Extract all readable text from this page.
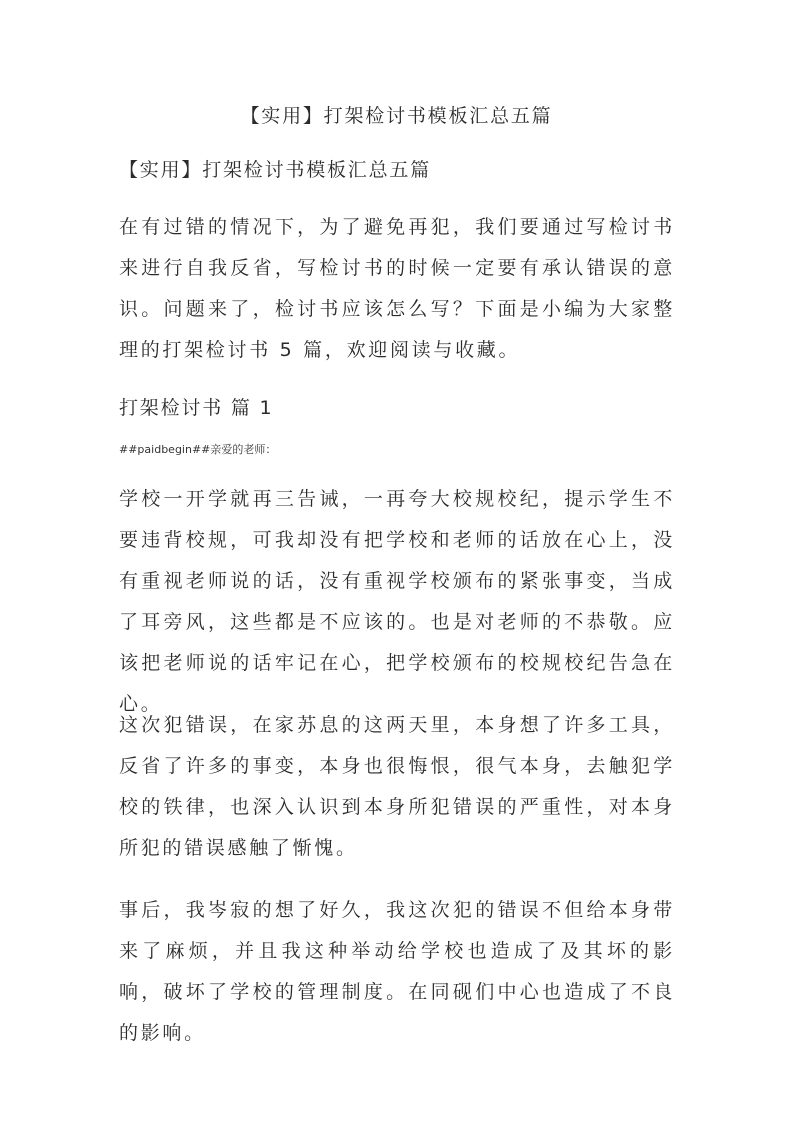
【实用】打架检讨书模板汇总五篇
【实用】打架检讨书模板汇总五篇

在有过错的情况下，为了避免再犯，我们要通过写检讨书来进行自我反省，写检讨书的时候一定要有承认错误的意识。问题来了，检讨书应该怎么写？下面是小编为大家整理的打架检讨书 5 篇，欢迎阅读与收藏。

打架检讨书 篇 1
##paidbegin##亲爱的老师：

学校一开学就再三告诫，一再夸大校规校纪，提示学生不要违背校规，可我却没有把学校和老师的话放在心上，没有重视老师说的话，没有重视学校颁布的紧张事变，当成了耳旁风，这些都是不应该的。也是对老师的不恭敬。应该把老师说的话牢记在心，把学校颁布的校规校纪告急在心。

这次犯错误，在家苏息的这两天里，本身想了许多工具，反省了许多的事变，本身也很悔恨，很气本身，去触犯学校的铁律，也深入认识到本身所犯错误的严重性，对本身所犯的错误感触了惭愧。

事后，我岑寂的想了好久，我这次犯的错误不但给本身带来了麻烦，并且我这种举动给学校也造成了及其坏的影响，破坏了学校的管理制度。在同砚们中心也造成了不良的影响。
